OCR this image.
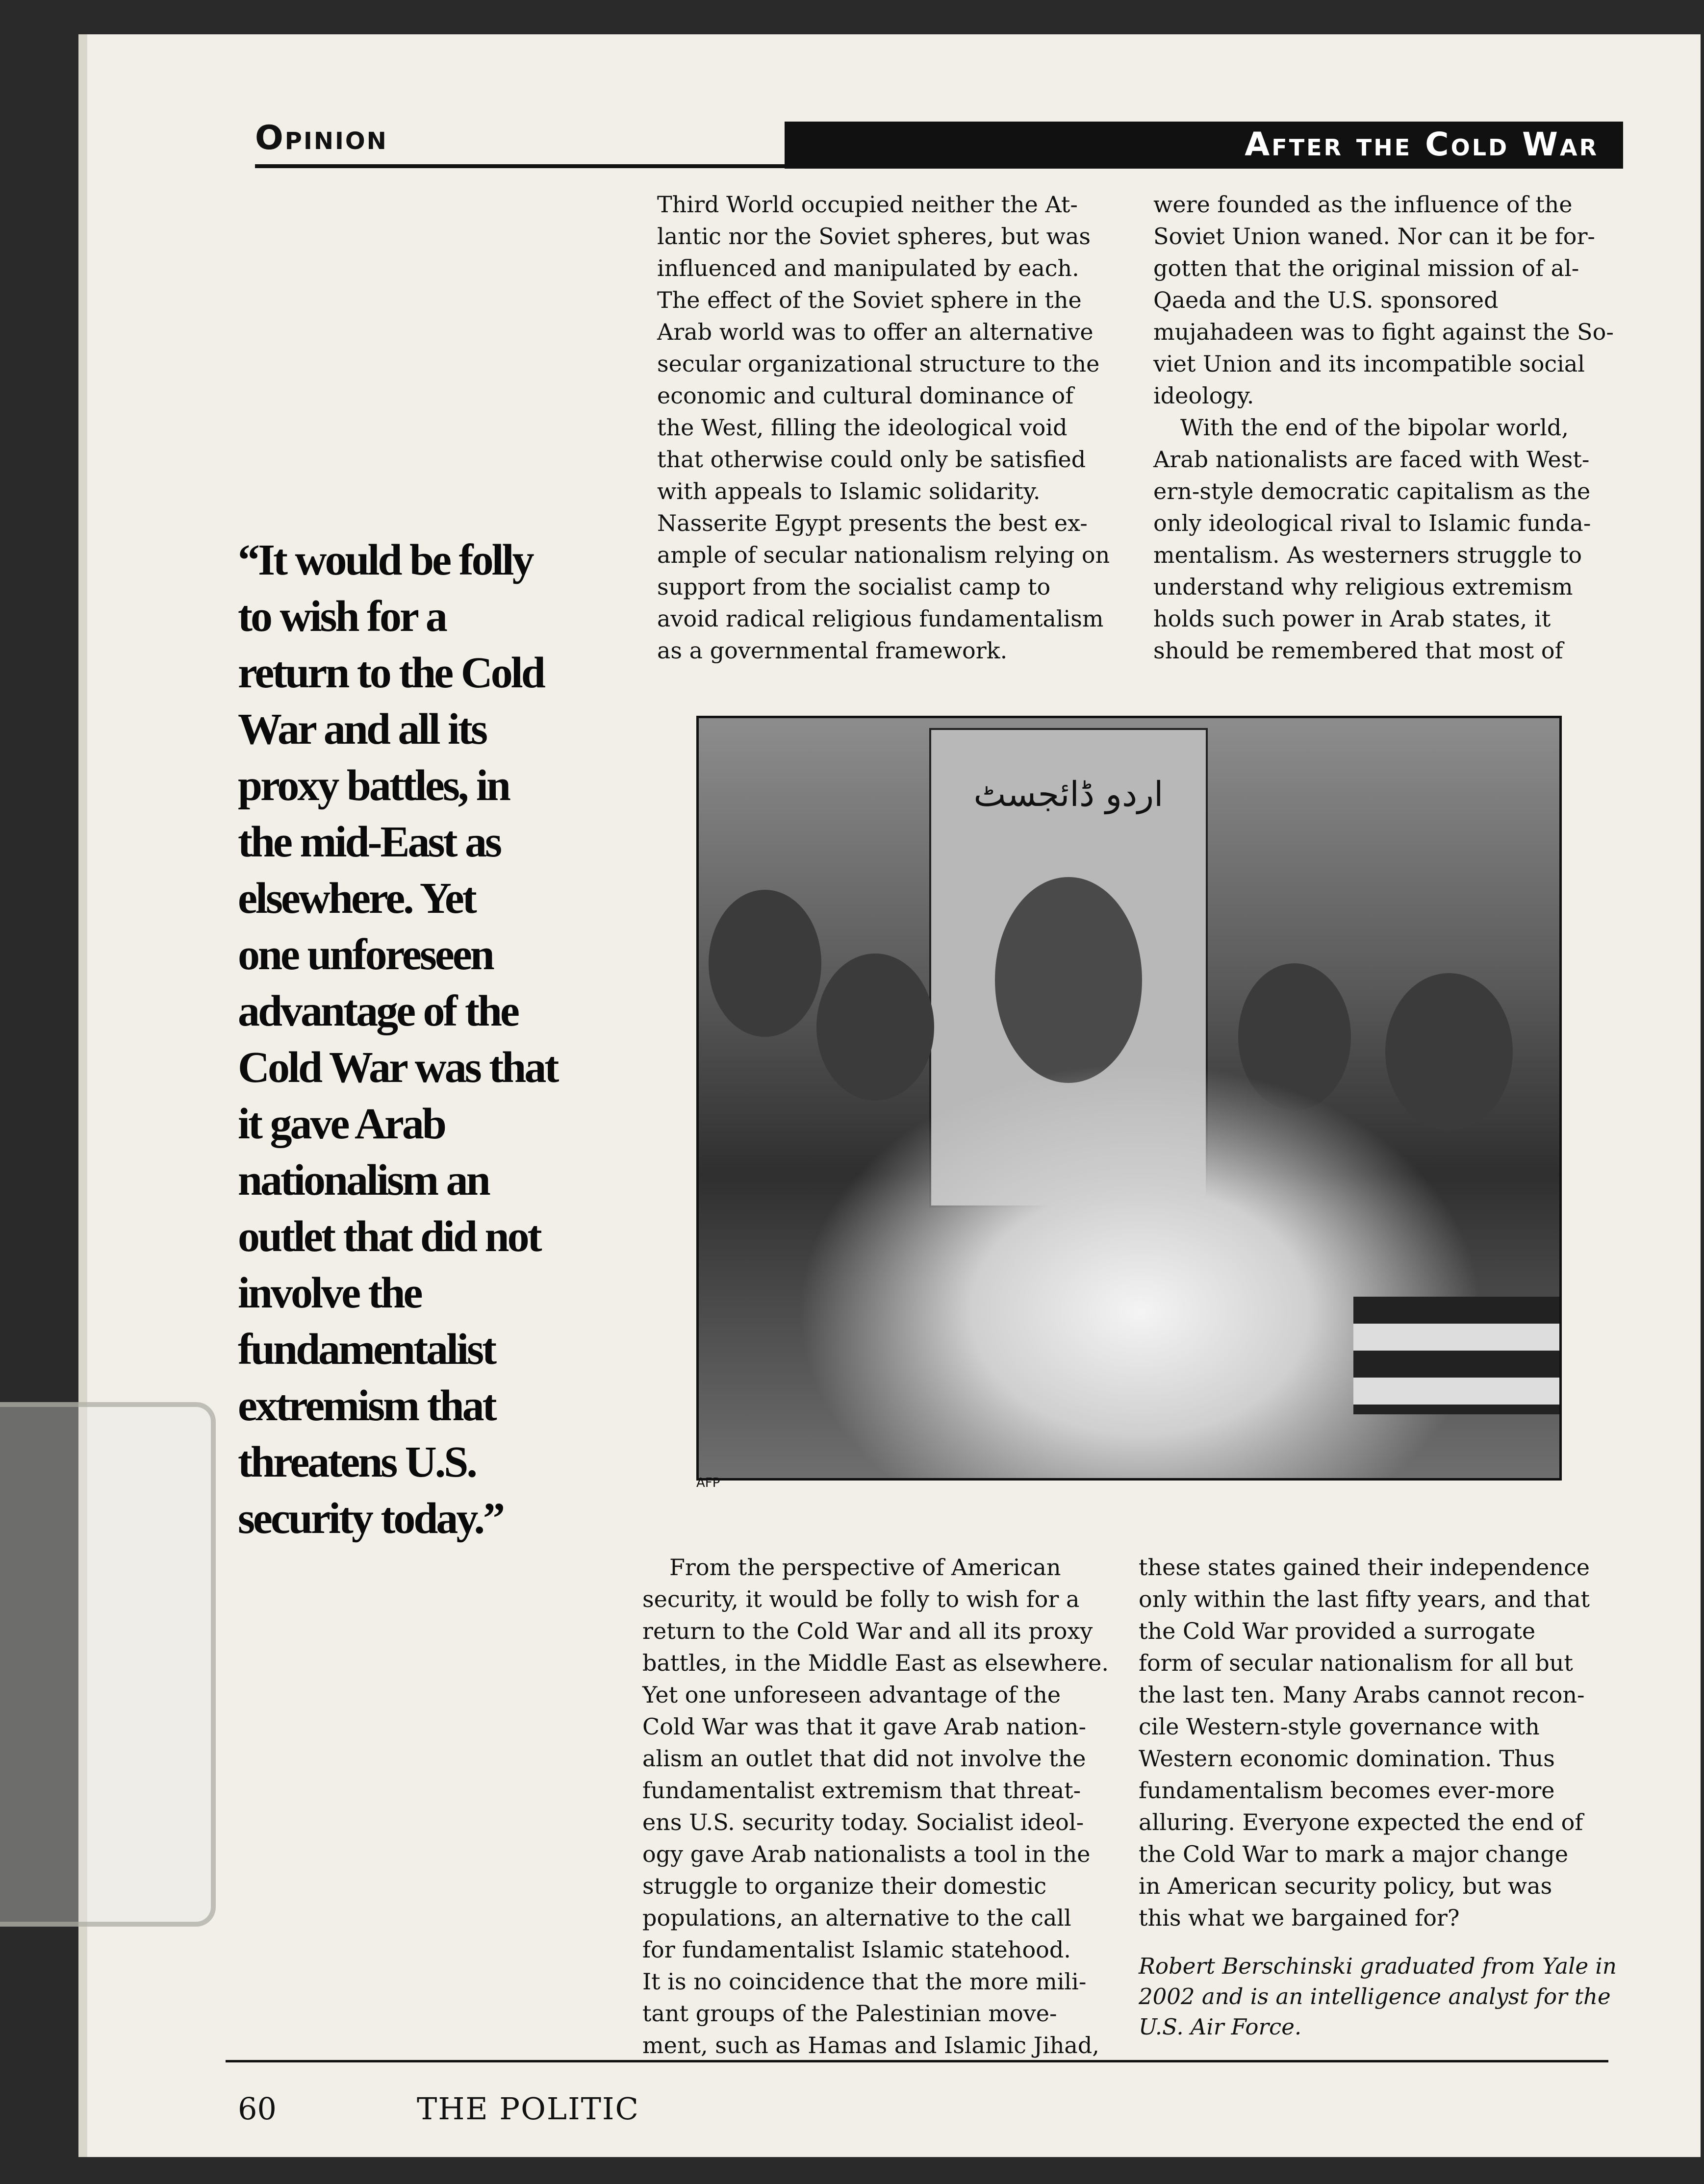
Opinion	After the Cold War
“It would be folly
to wish for a
return to the Cold
War and all its
proxy battles, in
the mid-East as
elsewhere. Yet
one unforeseen
advantage of the
Cold War was that
it gave Arab
nationalism an
outlet that did not
involve the
fundamentalist
extremism that
threatens U.S.
security today.”
Third World occupied neither the At-
lantic nor the Soviet spheres, but was
influenced and manipulated by each.
The effect of the Soviet sphere in the
Arab world was to offer an alternative
secular organizational structure to the
economic and cultural dominance of
the West, filling the ideological void
that otherwise could only be satisfied
with appeals to Islamic solidarity.
Nasserite Egypt presents the best ex-
ample of secular nationalism relying on
support from the socialist camp to
avoid radical religious fundamentalism
as a governmental framework.
were founded as the influence of the
Soviet Union waned. Nor can it be for-
gotten that the original mission of al-
Qaeda and the U.S. sponsored
mujahadeen was to fight against the So-
viet Union and its incompatible social
ideology.
With the end of the bipolar world,
Arab nationalists are faced with West-
ern-style democratic capitalism as the
only ideological rival to Islamic funda-
mentalism. As westerners struggle to
understand why religious extremism
holds such power in Arab states, it
should be remembered that most of
اردو ڈائجسٹ
AFP
From the perspective of American
security, it would be folly to wish for a
return to the Cold War and all its proxy
battles, in the Middle East as elsewhere.
Yet one unforeseen advantage of the
Cold War was that it gave Arab nation-
alism an outlet that did not involve the
fundamentalist extremism that threat-
ens U.S. security today. Socialist ideol-
ogy gave Arab nationalists a tool in the
struggle to organize their domestic
populations, an alternative to the call
for fundamentalist Islamic statehood.
It is no coincidence that the more mili-
tant groups of the Palestinian move-
ment, such as Hamas and Islamic Jihad,
these states gained their independence
only within the last fifty years, and that
the Cold War provided a surrogate
form of secular nationalism for all but
the last ten. Many Arabs cannot recon-
cile Western-style governance with
Western economic domination. Thus
fundamentalism becomes ever-more
alluring. Everyone expected the end of
the Cold War to mark a major change
in American security policy, but was
this what we bargained for?
Robert Berschinski graduated from Yale in
2002 and is an intelligence analyst for the
U.S. Air Force.
60	THE POLITIC
